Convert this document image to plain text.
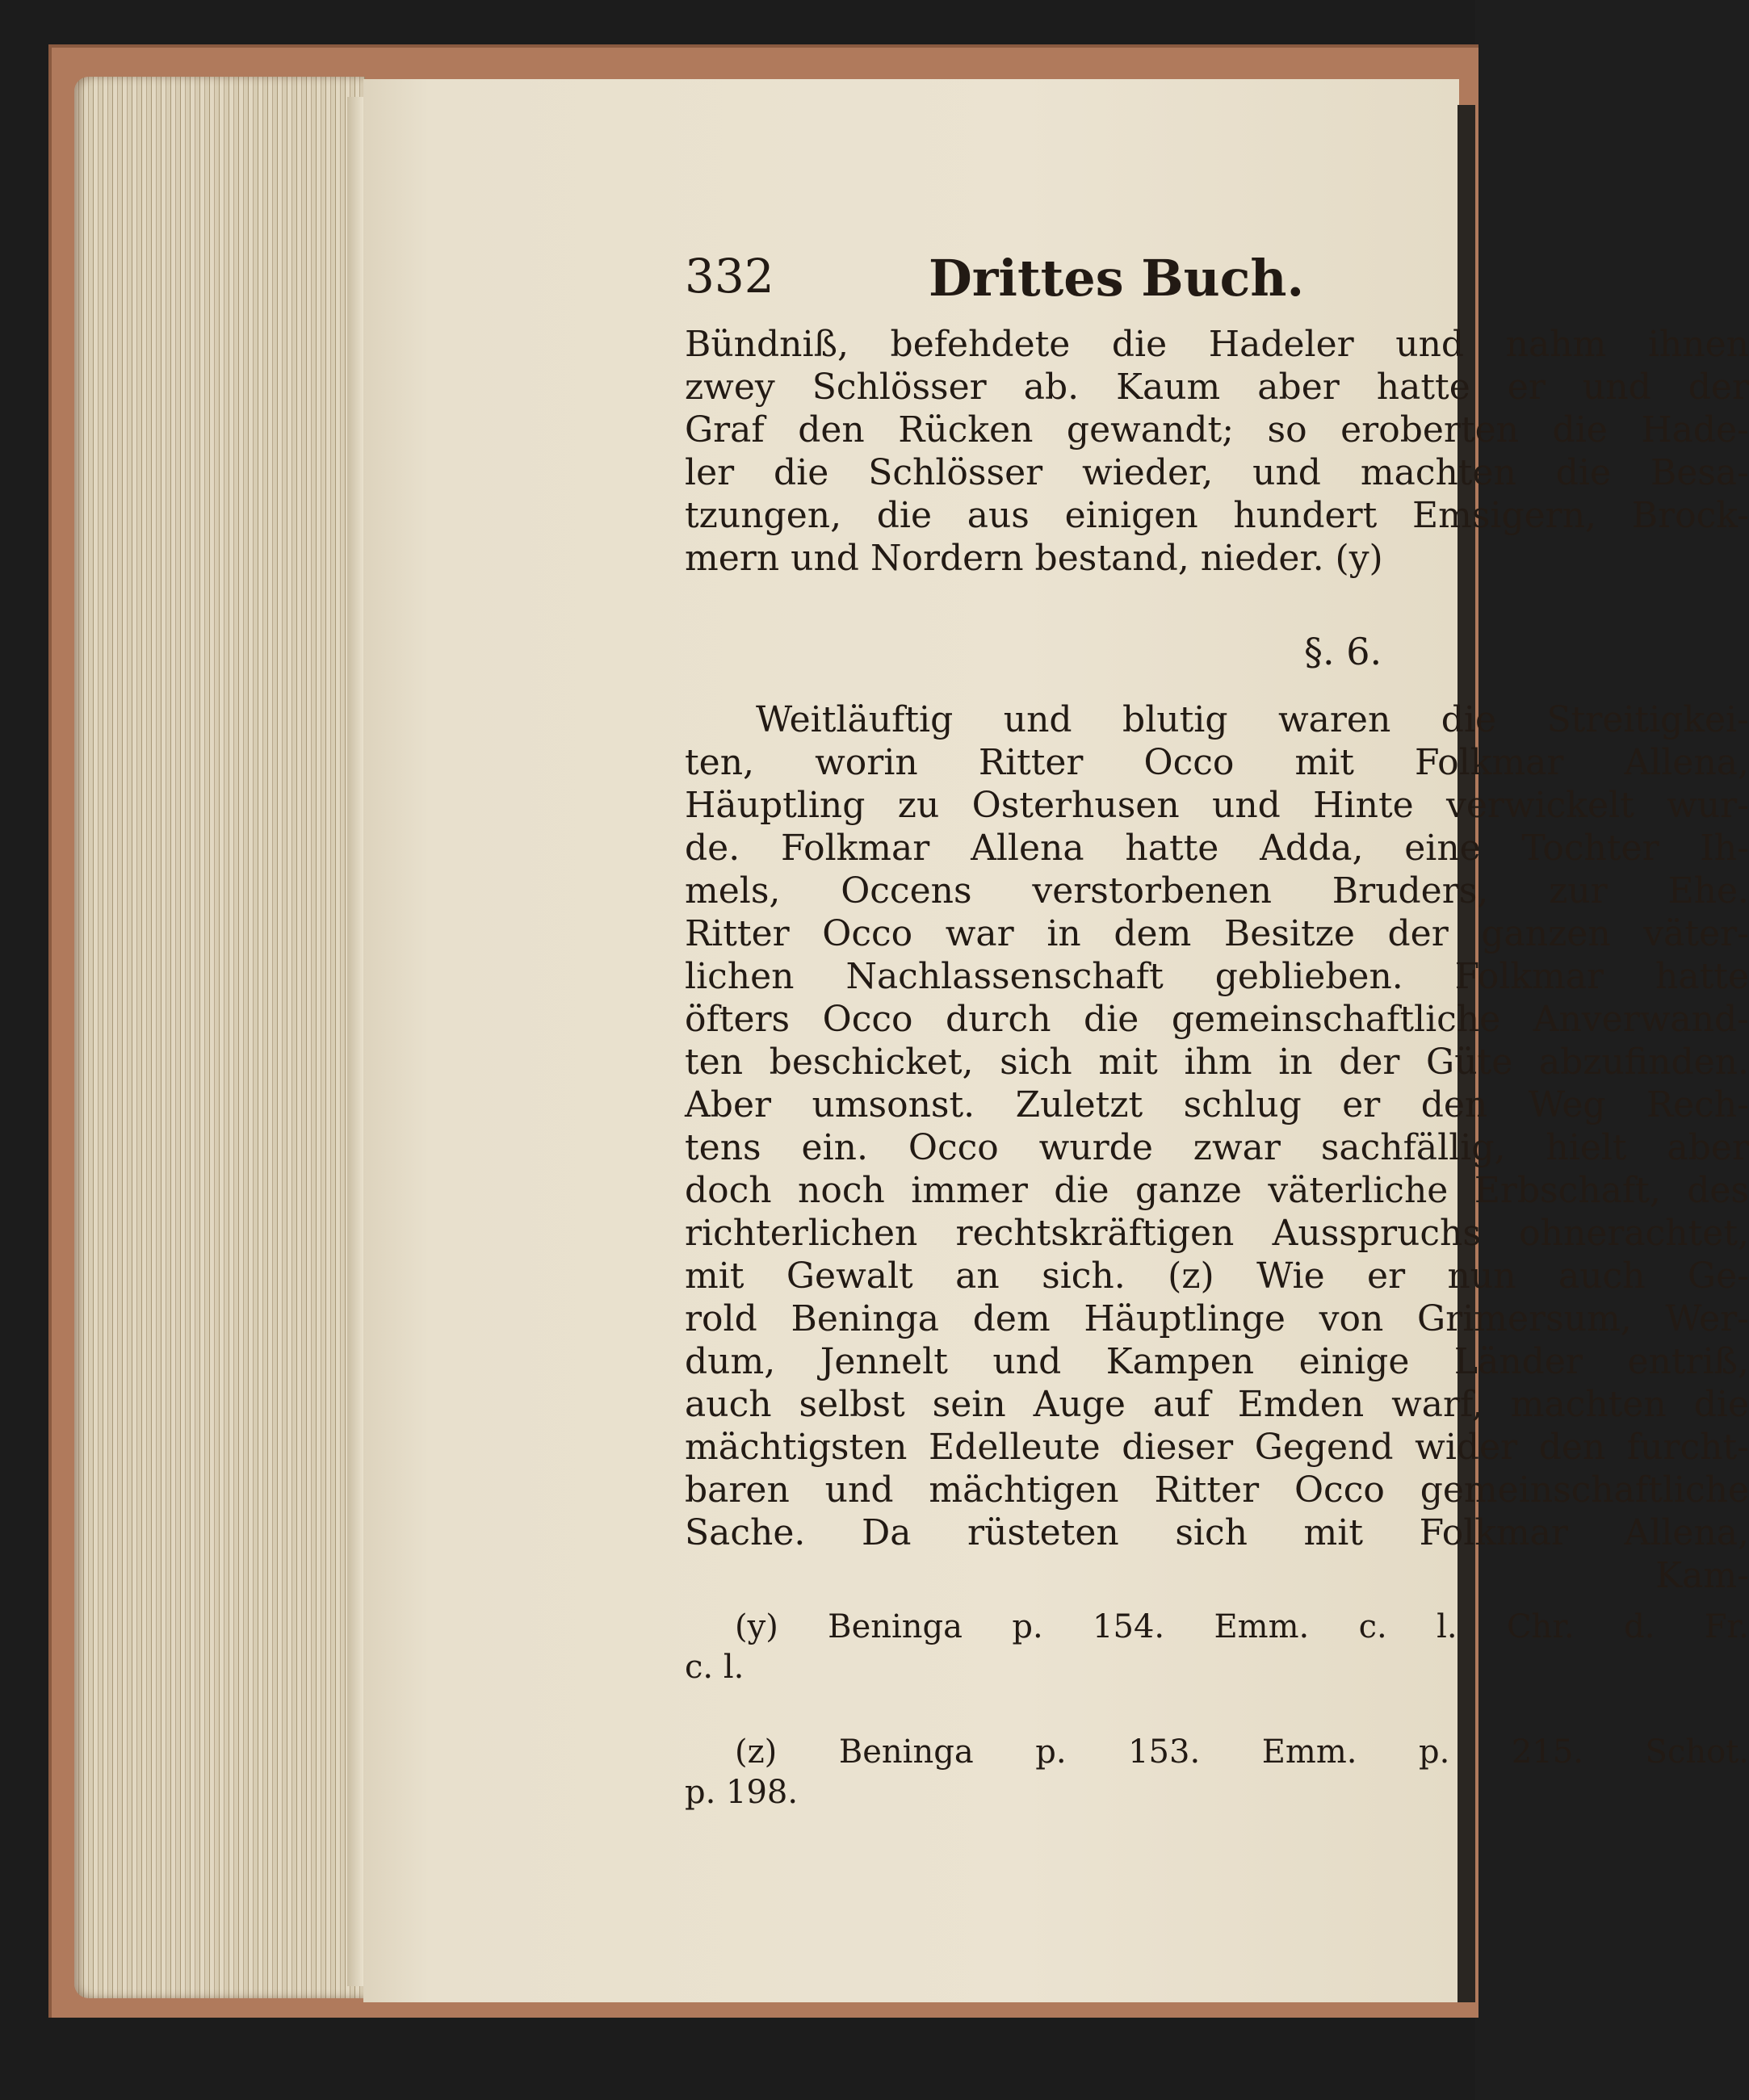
332	Drittes Buch.
Bündniß, befehdete die Hadeler und nahm ihnen
zwey Schlösser ab. Kaum aber hatte er und der
Graf den Rücken gewandt; so eroberten die Hade-
ler die Schlösser wieder, und machten die Besa-
tzungen, die aus einigen hundert Emsigern, Brock-
mern und Nordern bestand, nieder. (y)
§. 6.
Weitläuftig und blutig waren die Streitigkei-
ten, worin Ritter Occo mit Folkmar Allena,
Häuptling zu Osterhusen und Hinte verwickelt wur-
de. Folkmar Allena hatte Adda, eine Tochter Ih-
mels, Occens verstorbenen Bruders, zur Ehe.
Ritter Occo war in dem Besitze der ganzen väter-
lichen Nachlassenschaft geblieben. Folkmar hatte
öfters Occo durch die gemeinschaftliche Anverwand-
ten beschicket, sich mit ihm in der Güte abzufinden.
Aber umsonst. Zuletzt schlug er den Weg Rech-
tens ein. Occo wurde zwar sachfällig, hielt aber
doch noch immer die ganze väterliche Erbschaft, des
richterlichen rechtskräftigen Ausspruchs ohnerachtet,
mit Gewalt an sich. (z) Wie er nun auch Ge-
rold Beninga dem Häuptlinge von Grimersum, Wer-
dum, Jennelt und Kampen einige Länder entriß,
auch selbst sein Auge auf Emden warf, machten die
mächtigsten Edelleute dieser Gegend wider den furcht-
baren und mächtigen Ritter Occo gemeinschaftliche
Sache. Da rüsteten sich mit Folkmar Allena,
Kam-
(y) Beninga p. 154. Emm. c. l. Chr. d. Fr.
c. l.
(z) Beninga p. 153. Emm. p. 215. Schot.
p. 198.
